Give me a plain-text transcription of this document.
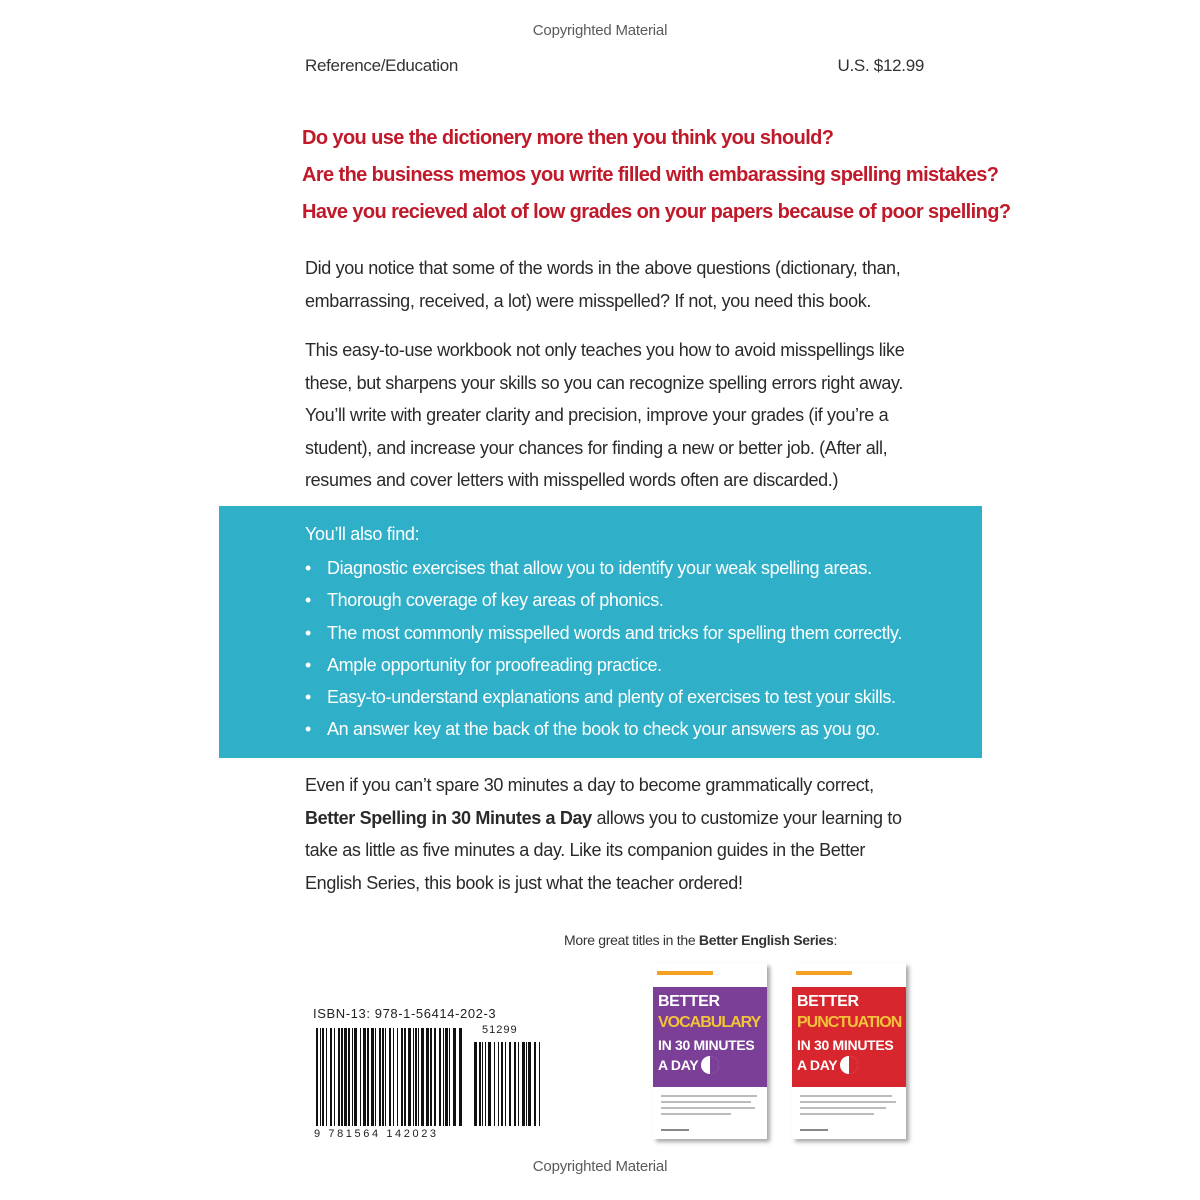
Copyrighted Material
Reference/Education	U.S. $12.99
Do you use the dictionery more then you think you should?
Are the business memos you write filled with embarassing spelling mistakes?
Have you recieved alot of low grades on your papers because of poor spelling?

Did you notice that some of the words in the above questions (dictionary, than, embarrassing, received, a lot) were misspelled? If not, you need this book.

This easy-to-use workbook not only teaches you how to avoid misspellings like these, but sharpens your skills so you can recognize spelling errors right away. You’ll write with greater clarity and precision, improve your grades (if you’re a student), and increase your chances for finding a new or better job. (After all, resumes and cover letters with misspelled words often are discarded.)

You’ll also find:
• Diagnostic exercises that allow you to identify your weak spelling areas.
• Thorough coverage of key areas of phonics.
• The most commonly misspelled words and tricks for spelling them correctly.
• Ample opportunity for proofreading practice.
• Easy-to-understand explanations and plenty of exercises to test your skills.
• An answer key at the back of the book to check your answers as you go.

Even if you can’t spare 30 minutes a day to become grammatically correct, Better Spelling in 30 Minutes a Day allows you to customize your learning to take as little as five minutes a day. Like its companion guides in the Better English Series, this book is just what the teacher ordered!

More great titles in the Better English Series:
ISBN-13: 978-1-56414-202-3
51299
9 781564 142023
BETTER
VOCABULARY
IN 30 MINUTES
A DAY
BETTER
PUNCTUATION
IN 30 MINUTES
A DAY
Copyrighted Material
